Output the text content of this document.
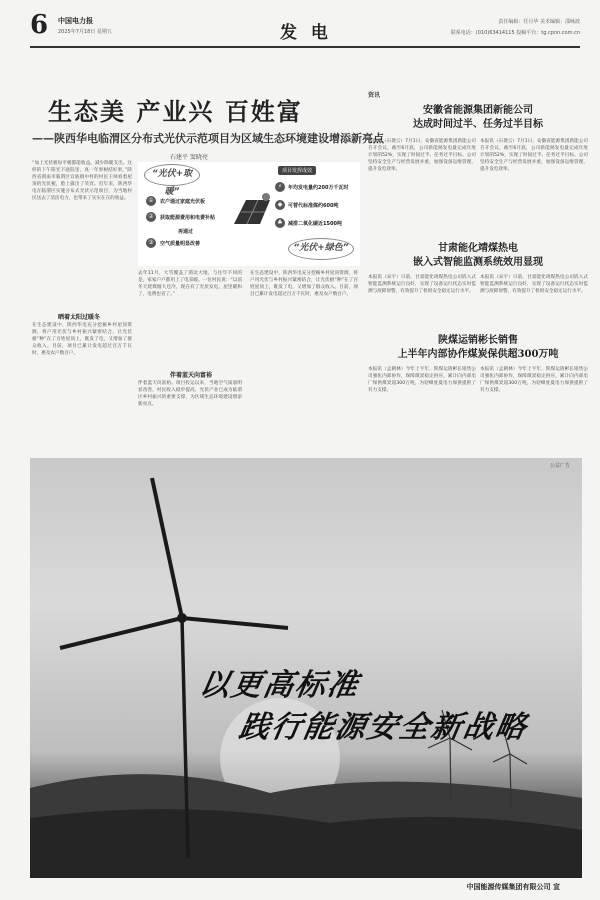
6 中国电力报
2025年7月18日 星期五	发 电
责任编辑：任月华 美术编辑：邵咏波
联系电话：(010)63414115 投稿平台：tg.cpnn.com.cn
生态美 产业兴 百姓富
——陕西华电临渭区分布式光伏示范项目为区域生态环境建设增添新亮点
石建平 窦晓亮
“加上光伏板每平板都能收益，减少除暖支出。这样的下午阳光下庭院里，真一年果树结好果，”陕西省渭南市临渭区官底镇中村的村民王师看着屋顶的光伏板，脸上露出了笑容。近年来，陕西华电在临渭区实施分布式光伏示范项目，为当地村民送去了清洁电力，也带来了实实在在的收益。
晒着太阳过暖冬
在生态建设中，陕西华电充分挖掘乡村屋顶资源，将户用光伏与乡村振兴紧密结合，让光伏板“种”在了百姓屋顶上，既发了电，又增加了群众收入。目前，项目已累计发电超过百万千瓦时，惠及农户数百户。
去年11月，大雪覆盖了渭北大地，与往年不同的是，家家户户都用上了电采暖。一位村民说：“以前冬天烧煤烟大还冷，现在有了光伏发电，屋里暖和了，电费也省了。”
伴着蓝天向富裕
伴着蓝天向富裕。项目投运以来，当地空气质量明显改善，村民收入稳步提高，光伏产业已成为临渭区乡村振兴的重要支撑，为区域生态环境建设增添新亮点。
在生态建设中，陕西华电充分挖掘乡村屋顶资源，将户用光伏与乡村振兴紧密结合，让光伏板“种”在了百姓屋顶上，既发了电，又增加了群众收入。目前，项目已累计发电超过百万千瓦时，惠及农户数百户。
“光伏+取暖”
①	农户通过家庭光伏板
②	获取能源费用和电费补贴
再通过
③	空气质量明显改善
项目发挥成效
年均发电量约200万千瓦时
可替代标准煤约600吨
减排二氧化碳近1500吨
⚡
◆
♣
“光伏+绿色”
资讯
安徽省能源集团新能公司
达成时间过半、任务过半目标
本报讯（石倩云）7月1日，安徽省能源集团新能公司召开会议，截至6月底，公司新能源发电量完成年度计划的52%，实现了时间过半、任务过半目标。公司坚持安全生产与经营发展并重，加强设备运维管理，提升发电效率。
本报讯（石倩云）7月1日，安徽省能源集团新能公司召开会议，截至6月底，公司新能源发电量完成年度计划的52%，实现了时间过半、任务过半目标。公司坚持安全生产与经营发展并重，加强设备运维管理，提升发电效率。
甘肃能化靖煤热电
嵌入式智能监测系统效用显现
本报讯（宋宇）日前，甘肃能化靖煤热电公司嵌入式智能监测系统运行良好，实现了设备运行状态实时监测与故障预警，有效提升了机组安全稳定运行水平。
本报讯（宋宇）日前，甘肃能化靖煤热电公司嵌入式智能监测系统运行良好，实现了设备运行状态实时监测与故障预警，有效提升了机组安全稳定运行水平。
陕煤运销彬长销售
上半年内部协作煤炭保供超300万吨
本报讯（孟朝林）今年上半年，陕煤运销彬长销售公司强化内部协作，保障煤炭稳定供应，累计向内部电厂保供煤炭超300万吨，为迎峰度夏电力保供提供了有力支撑。
本报讯（孟朝林）今年上半年，陕煤运销彬长销售公司强化内部协作，保障煤炭稳定供应，累计向内部电厂保供煤炭超300万吨，为迎峰度夏电力保供提供了有力支撑。
公益广告
以更高标准
践行能源安全新战略
中国能源传媒集团有限公司 宣
